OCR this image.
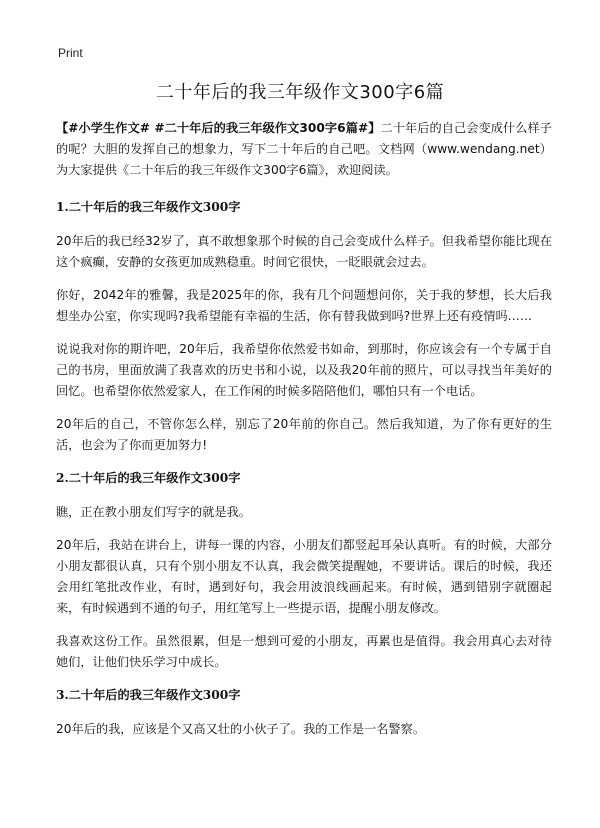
Print
二十年后的我三年级作文300字6篇

【#小学生作文# #二十年后的我三年级作文300字6篇#】二十年后的自己会变成什么样子的呢？大胆的发挥自己的想象力，写下二十年后的自己吧。文档网（www.wendang.net）为大家提供《二十年后的我三年级作文300字6篇》，欢迎阅读。

1.二十年后的我三年级作文300字

20年后的我已经32岁了，真不敢想象那个时候的自己会变成什么样子。但我希望你能比现在这个疯癫，安静的女孩更加成熟稳重。时间它很快，一眨眼就会过去。

你好，2042年的雅馨，我是2025年的你，我有几个问题想问你，关于我的梦想，长大后我想坐办公室，你实现吗?我希望能有幸福的生活，你有替我做到吗?世界上还有疫情吗……

说说我对你的期许吧，20年后，我希望你依然爱书如命，到那时，你应该会有一个专属于自己的书房，里面放满了我喜欢的历史书和小说，以及我20年前的照片，可以寻找当年美好的回忆。也希望你依然爱家人，在工作闲的时候多陪陪他们，哪怕只有一个电话。

20年后的自己，不管你怎么样，别忘了20年前的你自己。然后我知道，为了你有更好的生活，也会为了你而更加努力!

2.二十年后的我三年级作文300字

瞧，正在教小朋友们写字的就是我。

20年后，我站在讲台上，讲每一课的内容，小朋友们都竖起耳朵认真听。有的时候，大部分小朋友都很认真，只有个别小朋友不认真，我会微笑提醒她，不要讲话。课后的时候，我还会用红笔批改作业，有时，遇到好句，我会用波浪线画起来。有时候，遇到错别字就圈起来，有时候遇到不通的句子，用红笔写上一些提示语，提醒小朋友修改。

我喜欢这份工作。虽然很累，但是一想到可爱的小朋友，再累也是值得。我会用真心去对待她们，让他们快乐学习中成长。

3.二十年后的我三年级作文300字

20年后的我，应该是个又高又壮的小伙子了。我的工作是一名警察。
